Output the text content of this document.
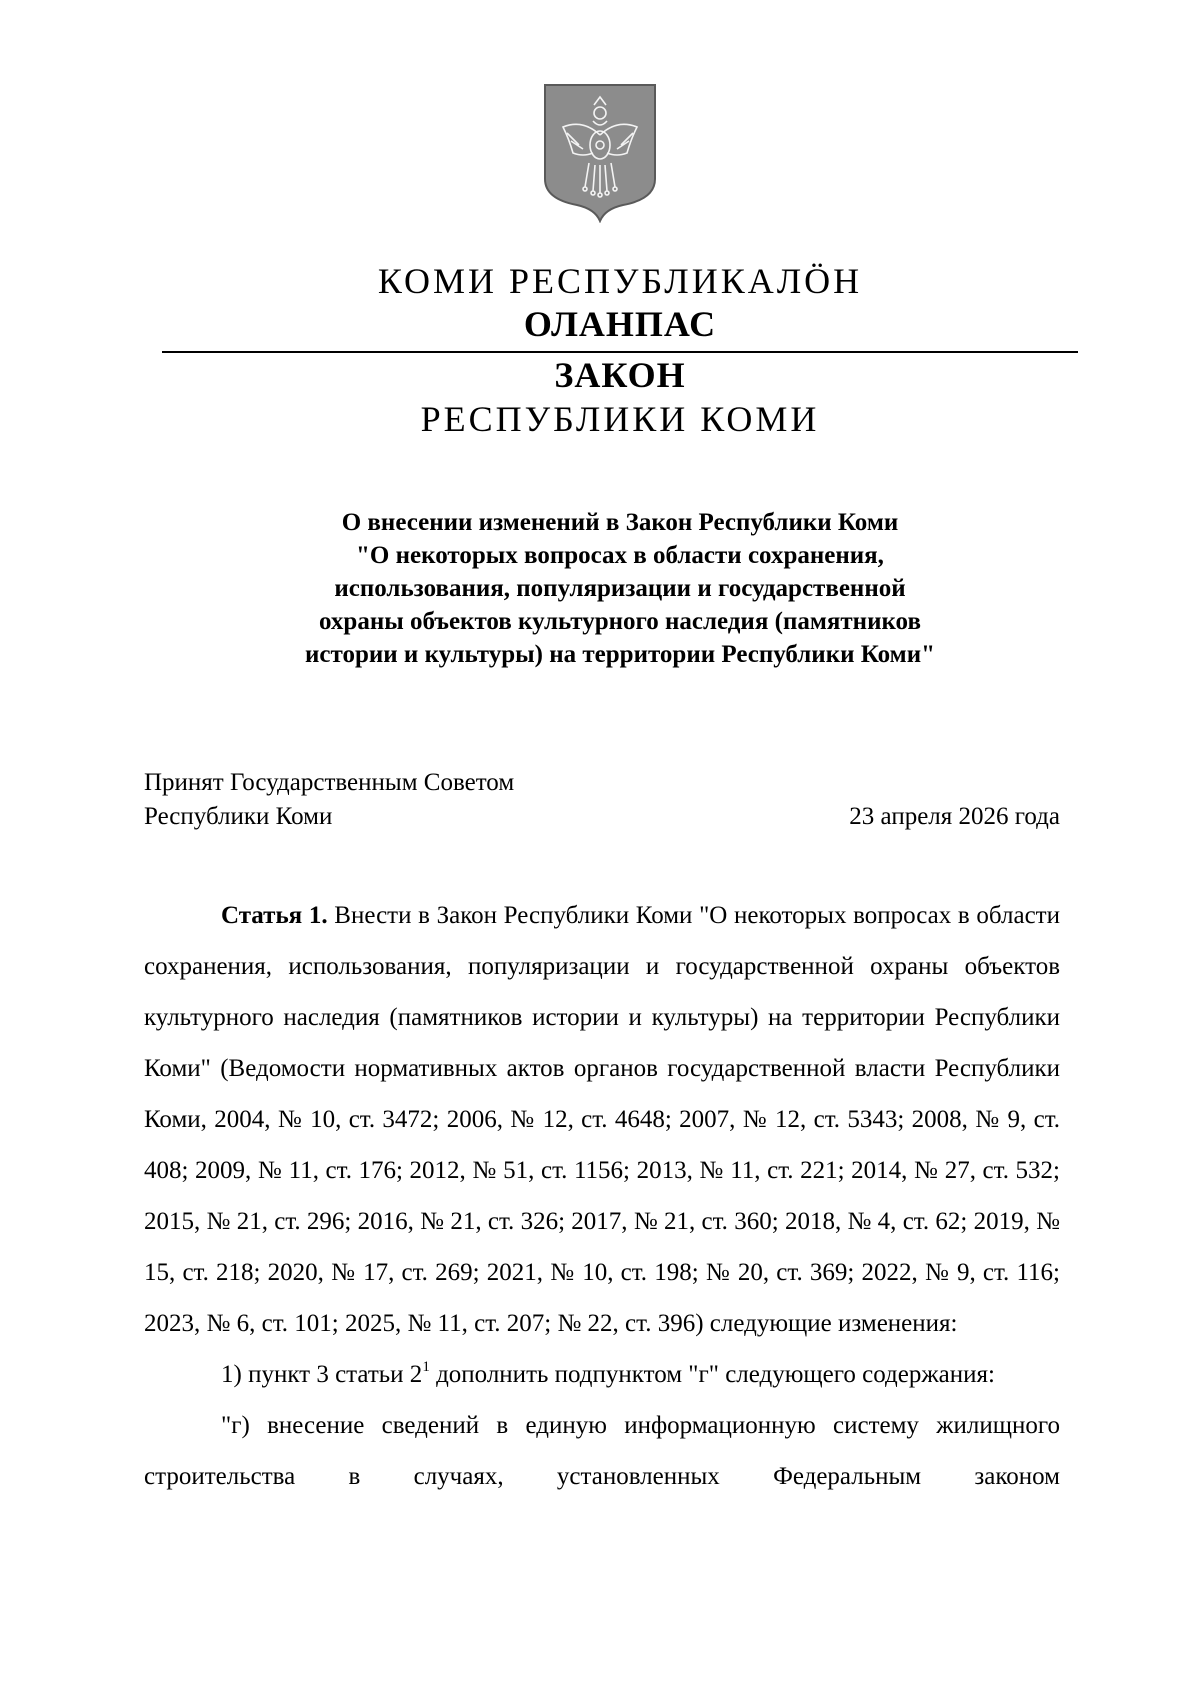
КОМИ РЕСПУБЛИКАЛӦН
ОЛАНПАС
ЗАКОН
РЕСПУБЛИКИ КОМИ
О внесении изменений в Закон Республики Коми
"О некоторых вопросах в области сохранения,
использования, популяризации и государственной
охраны объектов культурного наследия (памятников
истории и культуры) на территории Республики Коми"
Принят Государственным Советом
Республики Коми	23 апреля 2026 года

Статья 1. Внести в Закон Республики Коми "О некоторых вопросах в области сохранения, использования, популяризации и государственной охраны объектов культурного наследия (памятников истории и культуры) на территории Республики Коми" (Ведомости нормативных актов органов государственной власти Республики Коми, 2004, № 10, ст. 3472; 2006, № 12, ст. 4648; 2007, № 12, ст. 5343; 2008, № 9, ст. 408; 2009, № 11, ст. 176; 2012, № 51, ст. 1156; 2013, № 11, ст. 221; 2014, № 27, ст. 532; 2015, № 21, ст. 296; 2016, № 21, ст. 326; 2017, № 21, ст. 360; 2018, № 4, ст. 62; 2019, № 15, ст. 218; 2020, № 17, ст. 269; 2021, № 10, ст. 198; № 20, ст. 369; 2022, № 9, ст. 116; 2023, № 6, ст. 101; 2025, № 11, ст. 207; № 22, ст. 396) следующие изменения:

1) пункт 3 статьи $2^1$ дополнить подпунктом "г" следующего содержания:

"г) внесение сведений в единую информационную систему жилищного строительства в случаях, установленных Федеральным законом
